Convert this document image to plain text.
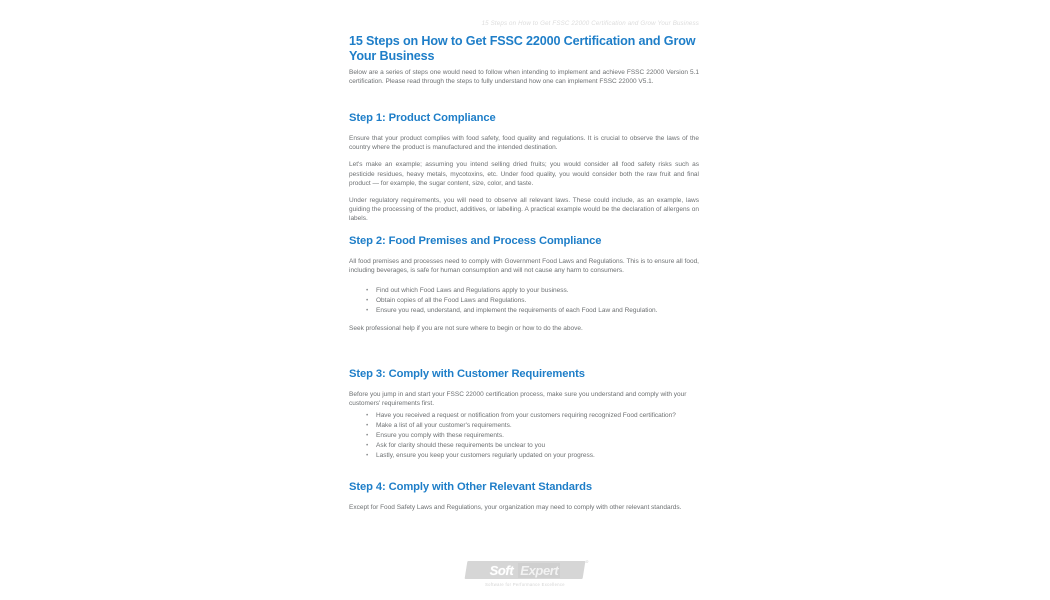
15 Steps on How to Get FSSC 22000 Certification and Grow Your Business
15 Steps on How to Get FSSC 22000 Certification and Grow Your Business

Below are a series of steps one would need to follow when intending to implement and achieve FSSC 22000 Version 5.1 certification. Please read through the steps to fully understand how one can implement FSSC 22000 V5.1.

Step 1: Product Compliance

Ensure that your product complies with food safety, food quality and regulations. It is crucial to observe the laws of the country where the product is manufactured and the intended destination.

Let's make an example; assuming you intend selling dried fruits; you would consider all food safety risks such as pesticide residues, heavy metals, mycotoxins, etc. Under food quality, you would consider both the raw fruit and final product — for example, the sugar content, size, color, and taste.

Under regulatory requirements, you will need to observe all relevant laws. These could include, as an example, laws guiding the processing of the product, additives, or labelling. A practical example would be the declaration of allergens on labels.

Step 2: Food Premises and Process Compliance

All food premises and processes need to comply with Government Food Laws and Regulations. This is to ensure all food, including beverages, is safe for human consumption and will not cause any harm to consumers.

• Find out which Food Laws and Regulations apply to your business.
• Obtain copies of all the Food Laws and Regulations.
• Ensure you read, understand, and implement the requirements of each Food Law and Regulation.

Seek professional help if you are not sure where to begin or how to do the above.

Step 3: Comply with Customer Requirements

Before you jump in and start your FSSC 22000 certification process, make sure you understand and comply with your customers' requirements first.

• Have you received a request or notification from your customers requiring recognized Food certification?
• Make a list of all your customer's requirements.
• Ensure you comply with these requirements.
• Ask for clarity should these requirements be unclear to you
• Lastly, ensure you keep your customers regularly updated on your progress.
Step 4: Comply with Other Relevant Standards

Except for Food Safety Laws and Regulations, your organization may need to comply with other relevant standards.

Soft Expert
®
Software for Performance Excellence
